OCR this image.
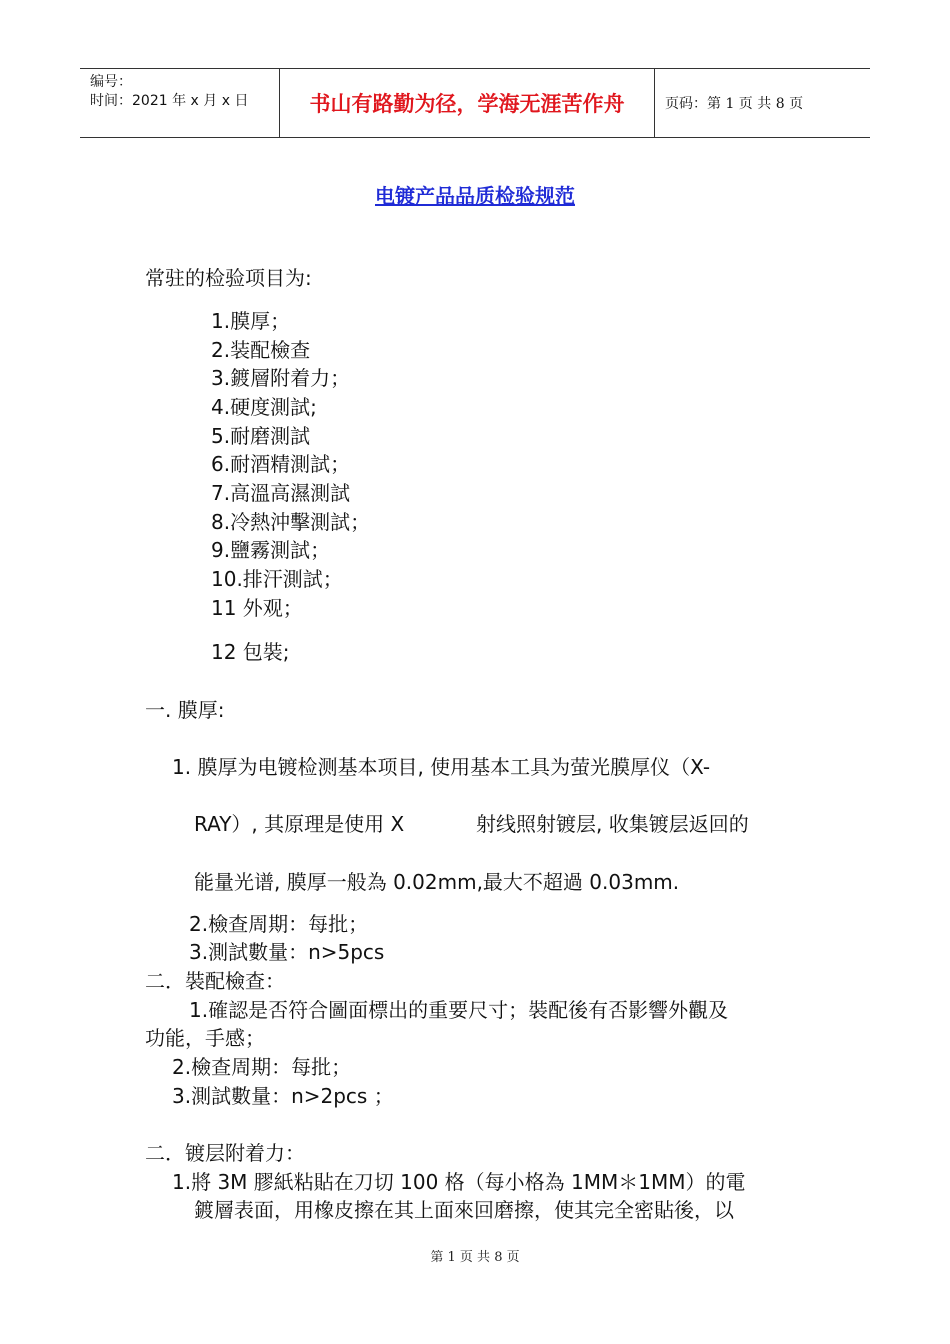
编号：
时间：2021 年 x 月 x 日	书山有路勤为径，学海无涯苦作舟	页码：第 1 页 共 8 页
电镀产品品质检验规范
常驻的检验项目为:
1.膜厚；
2.装配檢查
3.鍍層附着力；
4.硬度測試;
5.耐磨測試
6.耐酒精測試；
7.高溫高濕測試
8.冷熱沖擊測試；
9.鹽霧測試；
10.排汗測試；
11 外观；
12 包裝;
一. 膜厚:
1. 膜厚为电镀检测基本项目, 使用基本工具为萤光膜厚仪（X-
RAY）, 其原理是使用 X	射线照射镀层, 收集镀层返回的
能量光谱, 膜厚一般為 0.02mm,最大不超過 0.03mm.
2.檢查周期：每批；
3.測試數量：n>5pcs
二．裝配檢查：
1.確認是否符合圖面標出的重要尺寸；裝配後有否影響外觀及
功能，手感；
2.檢查周期：每批；
3.測試數量：n>2pcs ；
二．镀层附着力：
1.將 3M 膠紙粘貼在刀切 100 格（每小格為 1MM＊1MM）的電
鍍層表面，用橡皮擦在其上面來回磨擦，使其完全密貼後，以
第 1 页 共 8 页
